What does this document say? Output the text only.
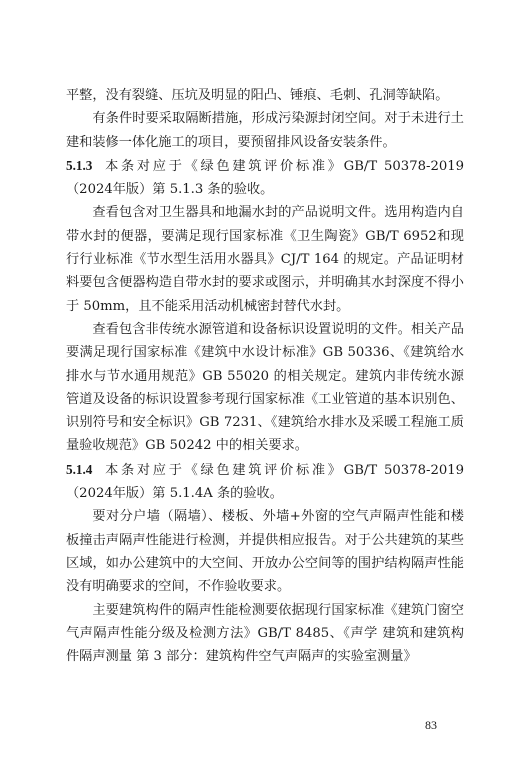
平整，没有裂缝、压坑及明显的阳凸、锤痕、毛刺、孔洞等缺陷。

有条件时要采取隔断措施，形成污染源封闭空间。对于未进行土建和装修一体化施工的项目，要预留排风设备安装条件。

5.1.3 本条对应于《绿色建筑评价标准》GB/T 50378-2019（2024年版）第 5.1.3 条的验收。

查看包含对卫生器具和地漏水封的产品说明文件。选用构造内自带水封的便器，要满足现行国家标准《卫生陶瓷》GB/T 6952和现行行业标准《节水型生活用水器具》CJ/T 164 的规定。产品证明材料要包含便器构造自带水封的要求或图示，并明确其水封深度不得小于 50mm，且不能采用活动机械密封替代水封。

查看包含非传统水源管道和设备标识设置说明的文件。相关产品要满足现行国家标准《建筑中水设计标准》GB 50336、《建筑给水排水与节水通用规范》GB 55020 的相关规定。建筑内非传统水源管道及设备的标识设置参考现行国家标准《工业管道的基本识别色、识别符号和安全标识》GB 7231、《建筑给水排水及采暖工程施工质量验收规范》GB 50242 中的相关要求。

5.1.4 本条对应于《绿色建筑评价标准》GB/T 50378-2019（2024年版）第 5.1.4A 条的验收。

要对分户墙（隔墙）、楼板、外墙+外窗的空气声隔声性能和楼板撞击声隔声性能进行检测，并提供相应报告。对于公共建筑的某些区域，如办公建筑中的大空间、开放办公空间等的围护结构隔声性能没有明确要求的空间，不作验收要求。

主要建筑构件的隔声性能检测要依据现行国家标准《建筑门窗空气声隔声性能分级及检测方法》GB/T 8485、《声学 建筑和建筑构件隔声测量 第 3 部分：建筑构件空气声隔声的实验室测量》

83
